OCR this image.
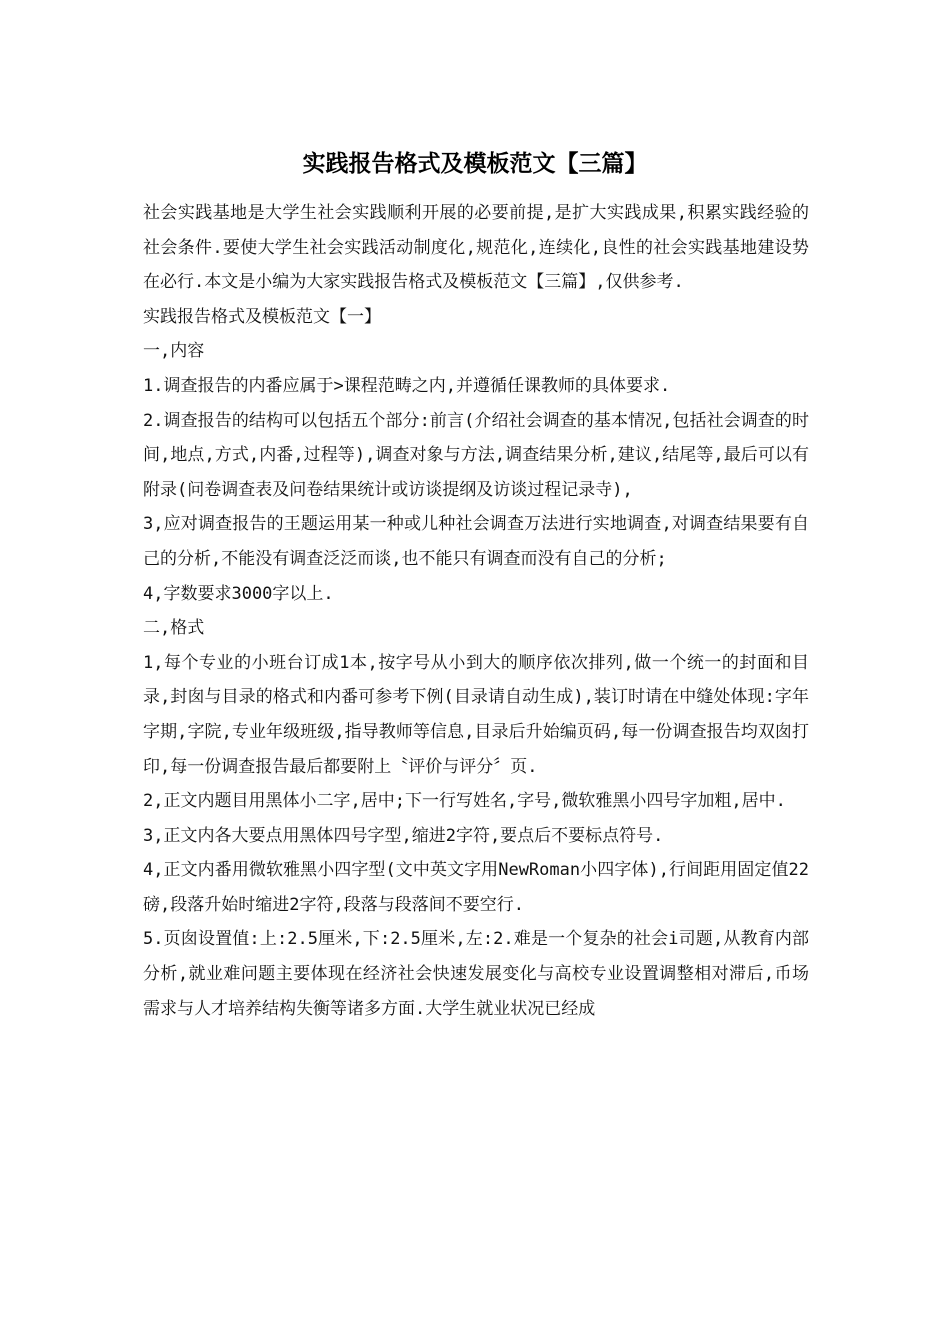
实践报告格式及模板范文【三篇】

社会实践基地是大学生社会实践顺利开展的必要前提,是扩大实践成果,积累实践经验的社会条件.要使大学生社会实践活动制度化,规范化,连续化,良性的社会实践基地建设势在必行.本文是小编为大家实践报告格式及模板范文【三篇】,仅供参考.

实践报告格式及模板范文【一】

一,内容

1.调查报告的内番应属于>课程范畴之内,并遵循任课教师的具体要求.

2.调查报告的结构可以包括五个部分:前言(介绍社会调查的基本情况,包括社会调查的时间,地点,方式,内番,过程等),调查对象与方法,调查结果分析,建议,结尾等,最后可以有附录(问卷调查表及问卷结果统计或访谈提纲及访谈过程记录寺),

3,应对调查报告的王题运用某一种或儿种社会调查万法进行实地调查,对调查结果要有自己的分析,不能没有调查泛泛而谈,也不能只有调查而没有自己的分析;

4,字数要求3000字以上.

二,格式

1,每个专业的小班台订成1本,按字号从小到大的顺序依次排列,做一个统一的封面和目录,封囱与目录的格式和内番可参考下例(目录请自动生成),装订时请在中缝处体现:字年字期,字院,专业年级班级,指导教师等信息,目录后升始编页码,每一份调查报告均双囱打印,每一份调查报告最后都要附上〝评价与评分〞页.

2,正文内题目用黑体小二字,居中;下一行写姓名,字号,微软雅黑小四号字加粗,居中.

3,正文内各大要点用黑体四号字型,缩进2字符,要点后不要标点符号.

4,正文内番用微软雅黑小四字型(文中英文字用NewRoman小四字体),行间距用固定值22磅,段落升始时缩进2字符,段落与段落间不要空行.

5.页囱设置值:上:2.5厘米,下:2.5厘米,左:2.难是一个复杂的社会i司题,从教育内部分析,就业难问题主要体现在经济社会快速发展变化与高校专业设置调整相对滞后,币场需求与人才培养结构失衡等诸多方面.大学生就业状况已经成
